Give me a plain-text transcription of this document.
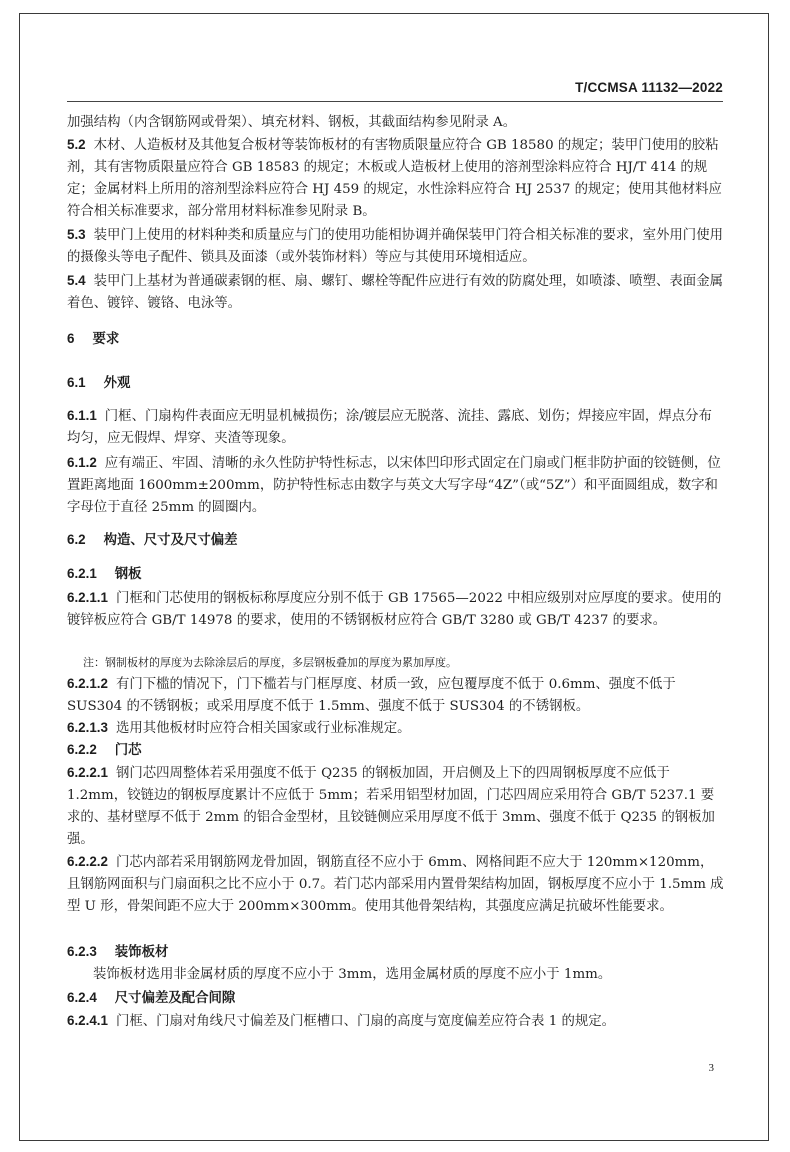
T/CCMSA 11132—2022
加强结构（内含钢筋网或骨架）、填充材料、钢板，其截面结构参见附录 A。
5.2 木材、人造板材及其他复合板材等装饰板材的有害物质限量应符合 GB 18580 的规定；装甲门使用的胶粘剂，其有害物质限量应符合 GB 18583 的规定；木板或人造板材上使用的溶剂型涂料应符合 HJ/T 414 的规定；金属材料上所用的溶剂型涂料应符合 HJ 459 的规定，水性涂料应符合 HJ 2537 的规定；使用其他材料应符合相关标准要求，部分常用材料标准参见附录 B。
5.3 装甲门上使用的材料种类和质量应与门的使用功能相协调并确保装甲门符合相关标准的要求，室外用门使用的摄像头等电子配件、锁具及面漆（或外装饰材料）等应与其使用环境相适应。
5.4 装甲门上基材为普通碳素钢的框、扇、螺钉、螺栓等配件应进行有效的防腐处理，如喷漆、喷塑、表面金属着色、镀锌、镀铬、电泳等。
6 要求
6.1 外观
6.1.1 门框、门扇构件表面应无明显机械损伤；涂/镀层应无脱落、流挂、露底、划伤；焊接应牢固，焊点分布均匀，应无假焊、焊穿、夹渣等现象。
6.1.2 应有端正、牢固、清晰的永久性防护特性标志，以宋体凹印形式固定在门扇或门框非防护面的铰链侧，位置距离地面 1600mm±200mm，防护特性标志由数字与英文大写字母“4Z”（或“5Z”）和平面圆组成，数字和字母位于直径 25mm 的圆圈内。
6.2 构造、尺寸及尺寸偏差
6.2.1 钢板
6.2.1.1 门框和门芯使用的钢板标称厚度应分别不低于 GB 17565—2022 中相应级别对应厚度的要求。使用的镀锌板应符合 GB/T 14978 的要求，使用的不锈钢板材应符合 GB/T 3280 或 GB/T 4237 的要求。
注：钢制板材的厚度为去除涂层后的厚度，多层钢板叠加的厚度为累加厚度。
6.2.1.2 有门下槛的情况下，门下槛若与门框厚度、材质一致，应包覆厚度不低于 0.6mm、强度不低于 SUS304 的不锈钢板；或采用厚度不低于 1.5mm、强度不低于 SUS304 的不锈钢板。
6.2.1.3 选用其他板材时应符合相关国家或行业标准规定。
6.2.2 门芯
6.2.2.1 钢门芯四周整体若采用强度不低于 Q235 的钢板加固，开启侧及上下的四周钢板厚度不应低于 1.2mm，铰链边的钢板厚度累计不应低于 5mm；若采用铝型材加固，门芯四周应采用符合 GB/T 5237.1 要求的、基材壁厚不低于 2mm 的铝合金型材，且铰链侧应采用厚度不低于 3mm、强度不低于 Q235 的钢板加强。
6.2.2.2 门芯内部若采用钢筋网龙骨加固，钢筋直径不应小于 6mm、网格间距不应大于 120mm×120mm，且钢筋网面积与门扇面积之比不应小于 0.7。若门芯内部采用内置骨架结构加固，钢板厚度不应小于 1.5mm 成型 U 形，骨架间距不应大于 200mm×300mm。使用其他骨架结构，其强度应满足抗破坏性能要求。
6.2.3 装饰板材
装饰板材选用非金属材质的厚度不应小于 3mm，选用金属材质的厚度不应小于 1mm。
6.2.4 尺寸偏差及配合间隙
6.2.4.1 门框、门扇对角线尺寸偏差及门框槽口、门扇的高度与宽度偏差应符合表 1 的规定。
3
